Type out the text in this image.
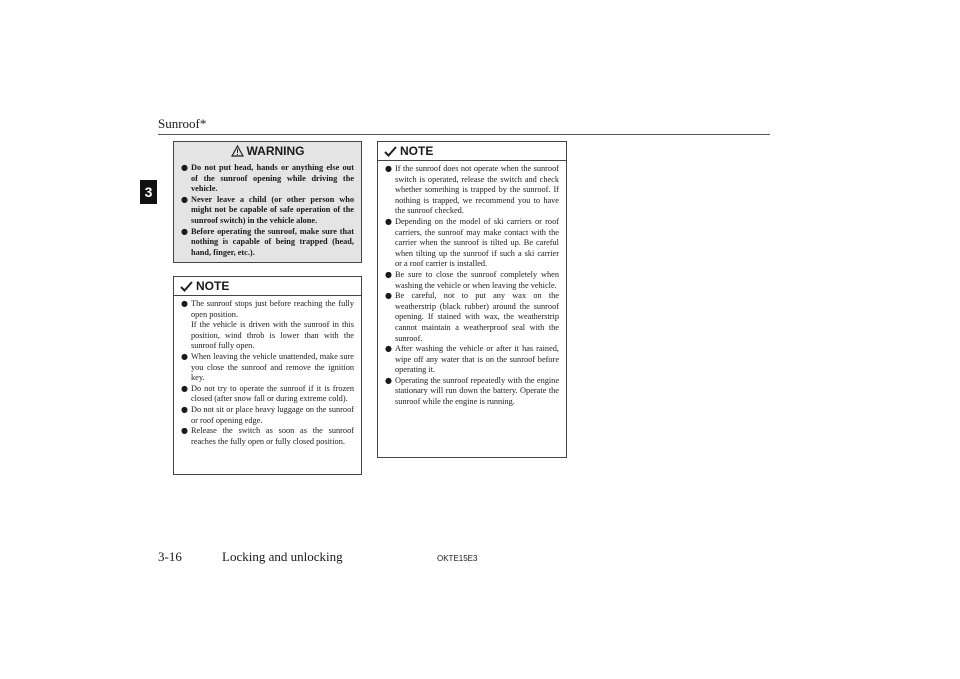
Sunroof*
3
WARNING
● Do not put head, hands or anything else out of the sunroof opening while driving the vehicle.
● Never leave a child (or other person who might not be capable of safe operation of the sunroof switch) in the vehicle alone.
● Before operating the sunroof, make sure that nothing is capable of being trapped (head, hand, finger, etc.).
NOTE
● The sunroof stops just before reaching the fully open position.
If the vehicle is driven with the sunroof in this position, wind throb is lower than with the sunroof fully open.
● When leaving the vehicle unattended, make sure you close the sunroof and remove the ignition key.
● Do not try to operate the sunroof if it is frozen closed (after snow fall or during extreme cold).
● Do not sit or place heavy luggage on the sunroof or roof opening edge.
● Release the switch as soon as the sunroof reaches the fully open or fully closed position.
NOTE
● If the sunroof does not operate when the sunroof switch is operated, release the switch and check whether something is trapped by the sunroof. If nothing is trapped, we recommend you to have the sunroof checked.
● Depending on the model of ski carriers or roof carriers, the sunroof may make contact with the carrier when the sunroof is tilted up. Be careful when tilting up the sunroof if such a ski carrier or a roof carrier is installed.
● Be sure to close the sunroof completely when washing the vehicle or when leaving the vehicle.
● Be careful, not to put any wax on the weatherstrip (black rubber) around the sunroof opening. If stained with wax, the weatherstrip cannot maintain a weatherproof seal with the sunroof.
● After washing the vehicle or after it has rained, wipe off any water that is on the sunroof before operating it.
● Operating the sunroof repeatedly with the engine stationary will run down the battery. Operate the sunroof while the engine is running.
3-16	Locking and unlocking	OKTE15E3
